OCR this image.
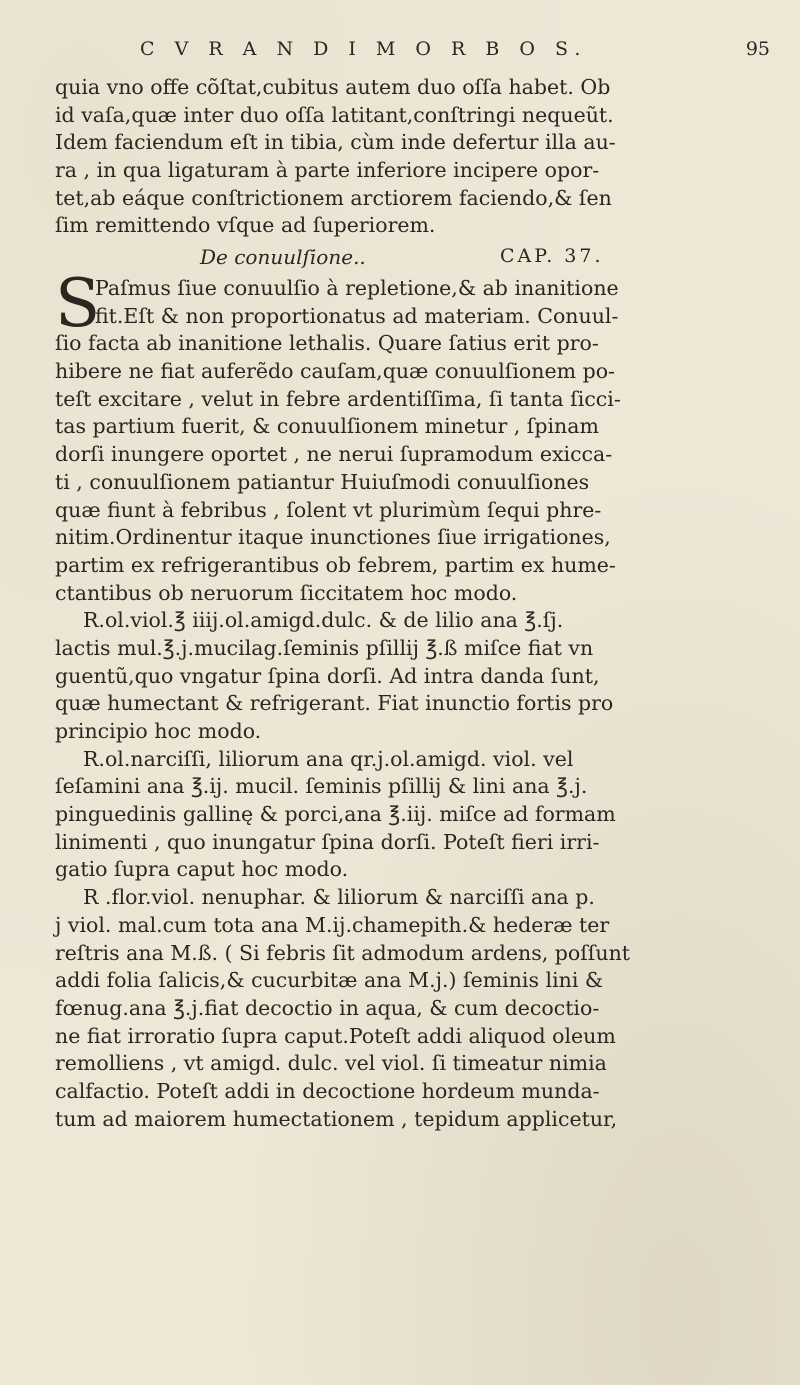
C V R A N D I M O R B O S.	95
quia vno offe cõſtat,cubitus autem duo oſſa habet. Ob
id vaſa,quæ inter duo oſſa latitant,conſtringi nequeũt.
Idem faciendum eſt in tibia, cùm inde defertur illa au-
ra , in qua ligaturam à parte inferiore incipere opor-
tet,ab eáque conſtrictionem arctiorem faciendo,& ſen
ſim remittendo vſque ad ſuperiorem.
De conuulſione..	CAP. 37.
S
Paſmus ſiue conuulſio à repletione,& ab inanitione
fit.Eſt & non proportionatus ad materiam. Conuul-
ſio facta ab inanitione lethalis. Quare ſatius erit pro-
hibere ne fiat auferẽdo cauſam,quæ conuulſionem po-
teſt excitare , velut in febre ardentiſſima, ſi tanta ſicci-
tas partium fuerit, & conuulſionem minetur , ſpinam
dorſi inungere oportet , ne nerui ſupramodum exicca-
ti , conuulſionem patiantur Huiuſmodi conuulſiones
quæ fiunt à febribus , ſolent vt plurimùm ſequi phre-
nitim.Ordinentur itaque inunctiones ſiue irrigationes,
partim ex refrigerantibus ob febrem, partim ex hume-
ctantibus ob neruorum ſiccitatem hoc modo.
R.ol.viol.℥ iiij.ol.amigd.dulc. & de lilio ana ℥.ſj.
lactis mul.℥.j.mucilag.ſeminis pſillij ℥.ß miſce fiat vn
guentũ,quo vngatur ſpina dorſi. Ad intra danda ſunt,
quæ humectant & refrigerant. Fiat inunctio fortis pro
principio hoc modo.
R.ol.narciſſi, liliorum ana qr.j.ol.amigd. viol. vel
ſeſamini ana ℥.ij. mucil. ſeminis pſillij & lini ana ℥.j.
pinguedinis gallinę & porci,ana ℥.iij. miſce ad formam
linimenti , quo inungatur ſpina dorſi. Poteſt fieri irri-
gatio ſupra caput hoc modo.
R .flor.viol. nenuphar. & liliorum & narciſſi ana p.
j viol. mal.cum tota ana M.ij.chamepith.& hederæ ter
reſtris ana M.ß. ( Si febris ſit admodum ardens, poſſunt
addi folia ſalicis,& cucurbitæ ana M.j.) ſeminis lini &
fœnug.ana ℥.j.fiat decoctio in aqua, & cum decoctio-
ne fiat irroratio ſupra caput.Poteſt addi aliquod oleum
remolliens , vt amigd. dulc. vel viol. ſi timeatur nimia
calfactio. Poteſt addi in decoctione hordeum munda-
tum ad maiorem humectationem , tepidum applicetur,
